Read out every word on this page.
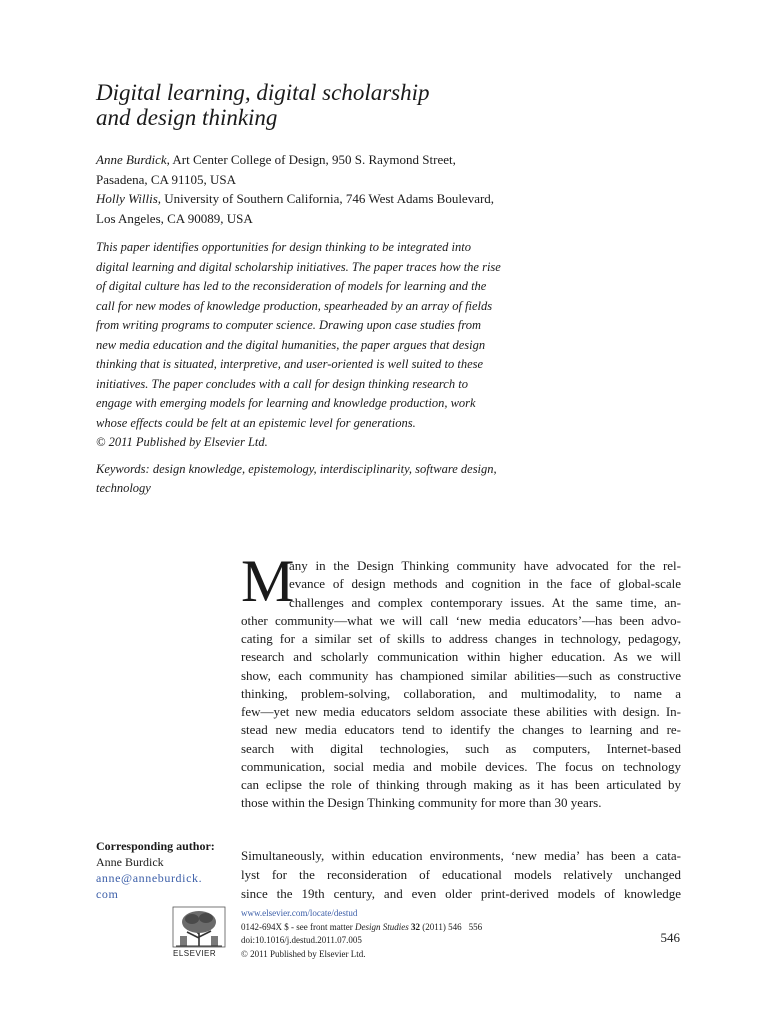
Digital learning, digital scholarship
and design thinking
Anne Burdick, Art Center College of Design, 950 S. Raymond Street,
Pasadena, CA 91105, USA
Holly Willis, University of Southern California, 746 West Adams Boulevard,
Los Angeles, CA 90089, USA
This paper identifies opportunities for design thinking to be integrated into
digital learning and digital scholarship initiatives. The paper traces how the rise
of digital culture has led to the reconsideration of models for learning and the
call for new modes of knowledge production, spearheaded by an array of fields
from writing programs to computer science. Drawing upon case studies from
new media education and the digital humanities, the paper argues that design
thinking that is situated, interpretive, and user-oriented is well suited to these
initiatives. The paper concludes with a call for design thinking research to
engage with emerging models for learning and knowledge production, work
whose effects could be felt at an epistemic level for generations.
© 2011 Published by Elsevier Ltd.
Keywords: design knowledge, epistemology, interdisciplinarity, software design,
technology
M
any in the Design Thinking community have advocated for the rel-
evance of design methods and cognition in the face of global-scale
challenges and complex contemporary issues. At the same time, an-
other community—what we will call ‘new media educators’—has been advo-
cating for a similar set of skills to address changes in technology, pedagogy,
research and scholarly communication within higher education. As we will
show, each community has championed similar abilities—such as constructive
thinking, problem-solving, collaboration, and multimodality, to name a
few—yet new media educators seldom associate these abilities with design. In-
stead new media educators tend to identify the changes to learning and re-
search with digital technologies, such as computers, Internet-based
communication, social media and mobile devices. The focus on technology
can eclipse the role of thinking through making as it has been articulated by
those within the Design Thinking community for more than 30 years.
Corresponding author:
Anne Burdick
anne@anneburdick.
com
Simultaneously, within education environments, ‘new media’ has been a cata-
lyst for the reconsideration of educational models relatively unchanged
since the 19th century, and even older print-derived models of knowledge
ELSEVIER
www.elsevier.com/locate/destud
0142-694X $ - see front matter Design Studies 32 (2011) 546 556
doi:10.1016/j.destud.2011.07.005
© 2011 Published by Elsevier Ltd.
546
